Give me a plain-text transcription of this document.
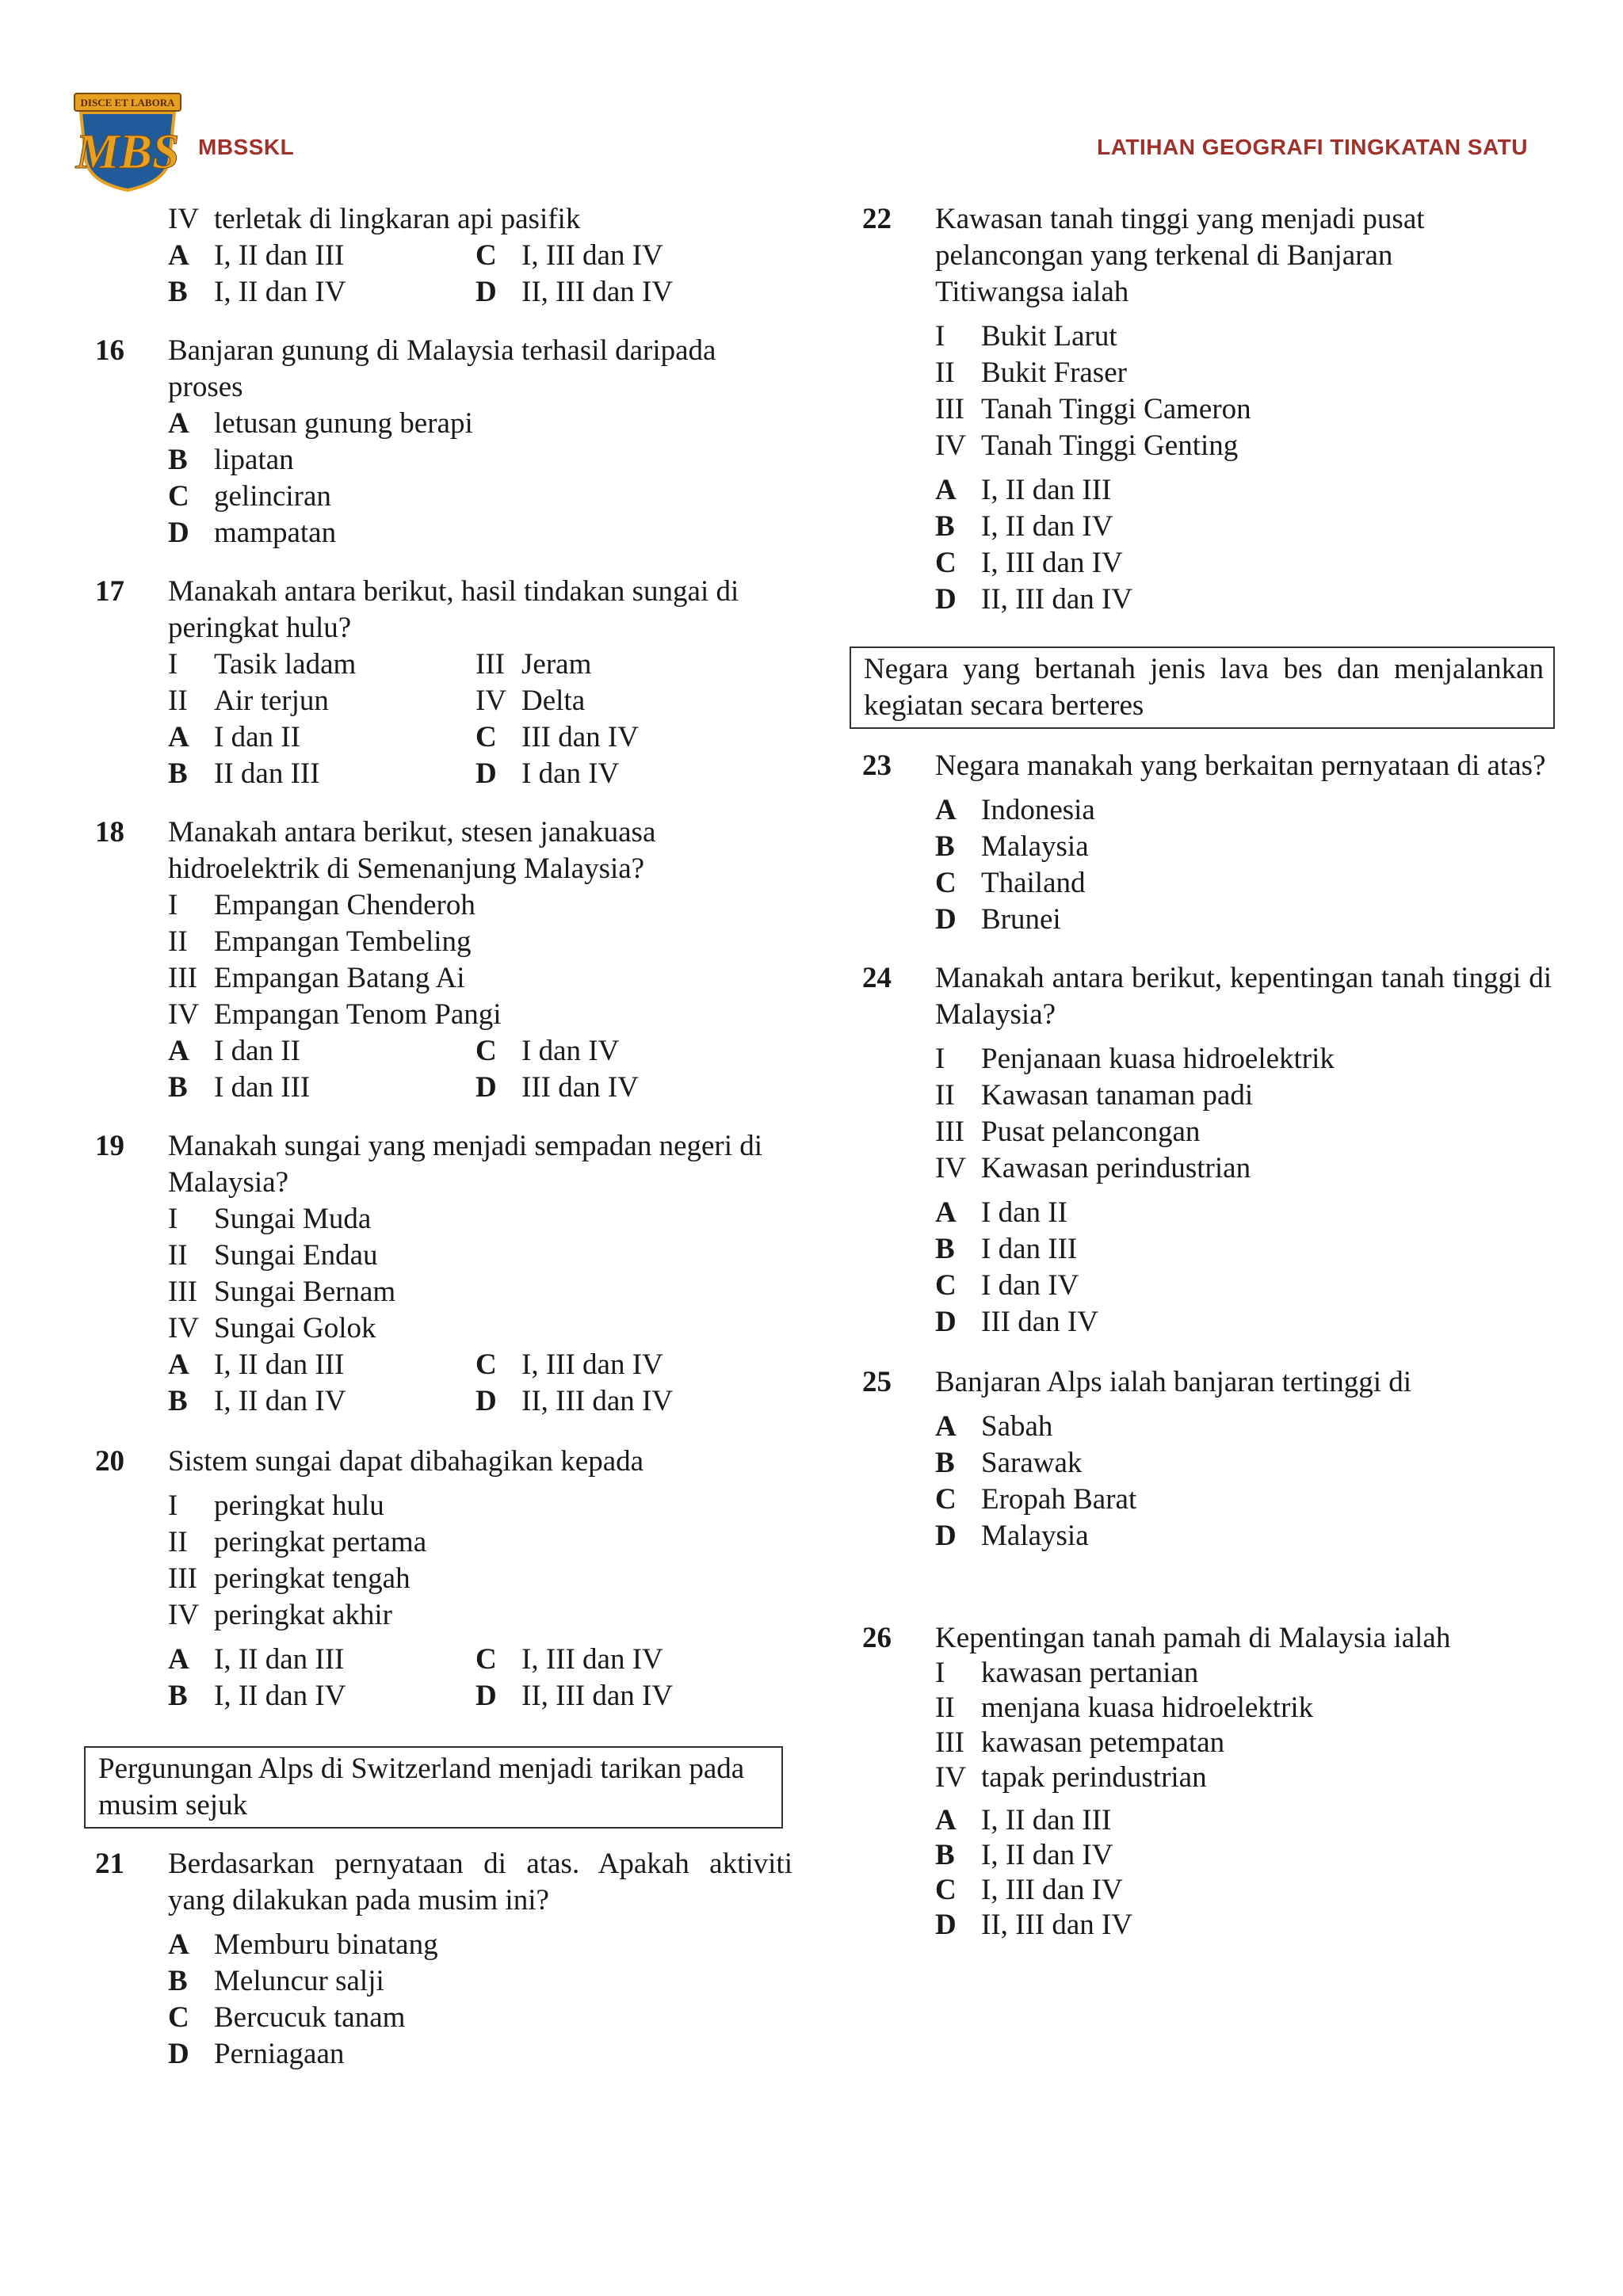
DISCE ET LABORA
MBS MBSSKL	LATIHAN GEOGRAFI TINGKATAN SATU
IV terletak di lingkaran api pasifik
A I, II dan III	C I, III dan IV
B I, II dan IV	D II, III dan IV
16	Banjaran gunung di Malaysia terhasil daripada proses
A letusan gunung berapi
B lipatan
C gelinciran
D mampatan
17	Manakah antara berikut, hasil tindakan sungai di peringkat hulu?
I	Tasik ladam	III Jeram
II Air terjun	IV Delta
A I dan II	C III dan IV
B II dan III	D I dan IV
18	Manakah antara berikut, stesen janakuasa hidroelektrik di Semenanjung Malaysia?
I	Empangan Chenderoh
II Empangan Tembeling
III Empangan Batang Ai
IV Empangan Tenom Pangi
A I dan II	C I dan IV
B I dan III	D III dan IV
19	Manakah sungai yang menjadi sempadan negeri di Malaysia?
I	Sungai Muda
II Sungai Endau
III Sungai Bernam
IV Sungai Golok
A I, II dan III	C I, III dan IV
B I, II dan IV	D II, III dan IV
20	Sistem sungai dapat dibahagikan kepada
I	peringkat hulu
II peringkat pertama
III peringkat tengah
IV peringkat akhir
A I, II dan III	C I, III dan IV
B I, II dan IV	D II, III dan IV
Pergunungan Alps di Switzerland menjadi tarikan pada musim sejuk
21	Berdasarkan pernyataan di atas. Apakah aktiviti yang dilakukan pada musim ini?
A Memburu binatang
B Meluncur salji
C Bercucuk tanam
D Perniagaan
22	Kawasan tanah tinggi yang menjadi pusat pelancongan yang terkenal di Banjaran Titiwangsa ialah
I	Bukit Larut
II Bukit Fraser
III Tanah Tinggi Cameron
IV Tanah Tinggi Genting
A I, II dan III
B I, II dan IV
C I, III dan IV
D II, III dan IV
Negara yang bertanah jenis lava bes dan menjalankan kegiatan secara berteres
23	Negara manakah yang berkaitan pernyataan di atas?
A Indonesia
B Malaysia
C Thailand
D Brunei
24	Manakah antara berikut, kepentingan tanah tinggi di Malaysia?
I	Penjanaan kuasa hidroelektrik
II Kawasan tanaman padi
III Pusat pelancongan
IV Kawasan perindustrian
A I dan II
B I dan III
C I dan IV
D III dan IV
25	Banjaran Alps ialah banjaran tertinggi di
A Sabah
B Sarawak
C Eropah Barat
D Malaysia
26	Kepentingan tanah pamah di Malaysia ialah
I	kawasan pertanian
II menjana kuasa hidroelektrik
III kawasan petempatan
IV tapak perindustrian
A I, II dan III
B I, II dan IV
C I, III dan IV
D II, III dan IV
